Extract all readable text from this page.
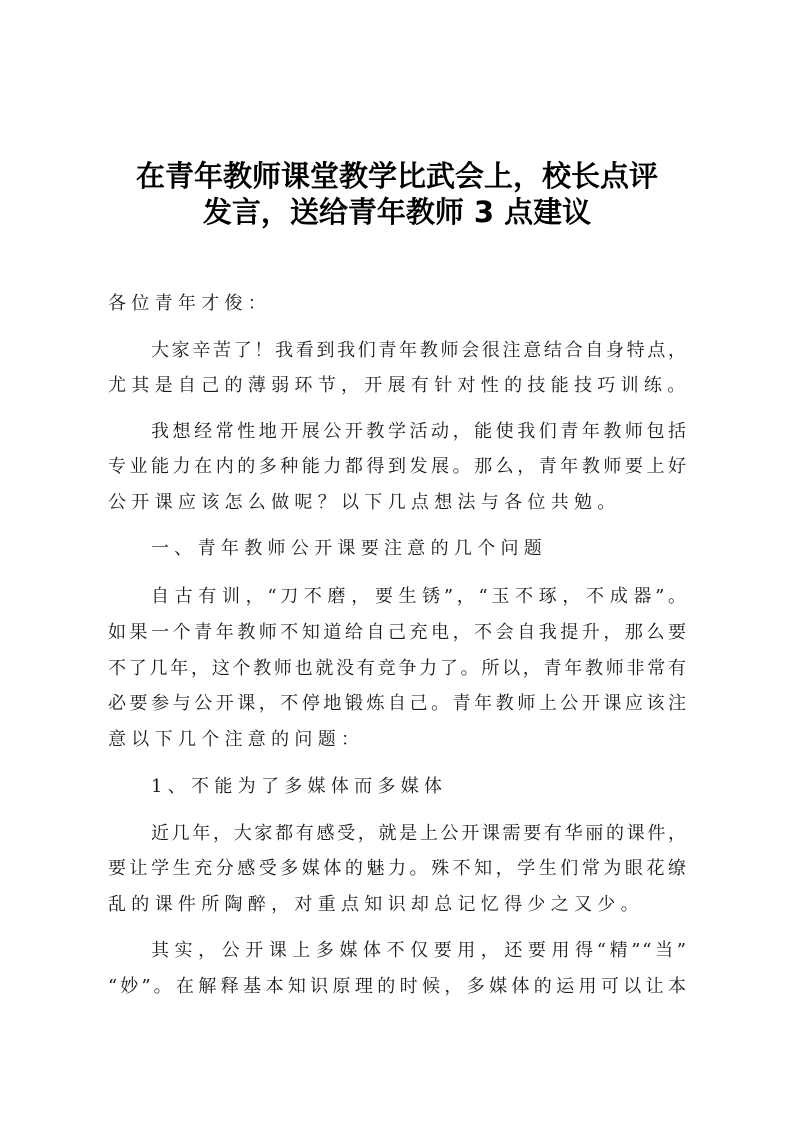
在青年教师课堂教学比武会上，校长点评
发言，送给青年教师 3 点建议
各位青年才俊：
大 家 辛 苦 了 ！ 我 看 到 我 们 青 年 教 师 会 很 注 意 结 合 自 身 特 点 ，
尤其是自己的薄弱环节，开展有针对性的技能技巧训练。
我 想 经 常 性 地 开 展 公 开 教 学 活 动 ， 能 使 我 们 青 年 教 师 包 括
专 业 能 力 在 内 的 多 种 能 力 都 得 到 发 展 。 那 么 ， 青 年 教 师 要 上 好
公开课应该怎么做呢？以下几点想法与各位共勉。
一、青年教师公开课要注意的几个问题
自 古 有 训 ， “ 刀 不 磨 ， 要 生 锈 ” ， “ 玉 不 琢 ， 不 成 器 ” 。
如 果 一 个 青 年 教 师 不 知 道 给 自 己 充 电 ， 不 会 自 我 提 升 ， 那 么 要
不 了 几 年 ， 这 个 教 师 也 就 没 有 竞 争 力 了 。 所 以 ， 青 年 教 师 非 常 有
必 要 参 与 公 开 课 ， 不 停 地 锻 炼 自 己 。 青 年 教 师 上 公 开 课 应 该 注
意以下几个注意的问题：
1、不能为了多媒体而多媒体
近 几 年 ， 大 家 都 有 感 受 ， 就 是 上 公 开 课 需 要 有 华 丽 的 课 件 ，
要 让 学 生 充 分 感 受 多 媒 体 的 魅 力 。 殊 不 知 ， 学 生 们 常 为 眼 花 缭
乱的课件所陶醉，对重点知识却总记忆得少之又少。
其 实 ， 公 开 课 上 多 媒 体 不 仅 要 用 ， 还 要 用 得 “ 精 ” “ 当 ”
“ 妙 ” 。 在 解 释 基 本 知 识 原 理 的 时 候 ， 多 媒 体 的 运 用 可 以 让 本
